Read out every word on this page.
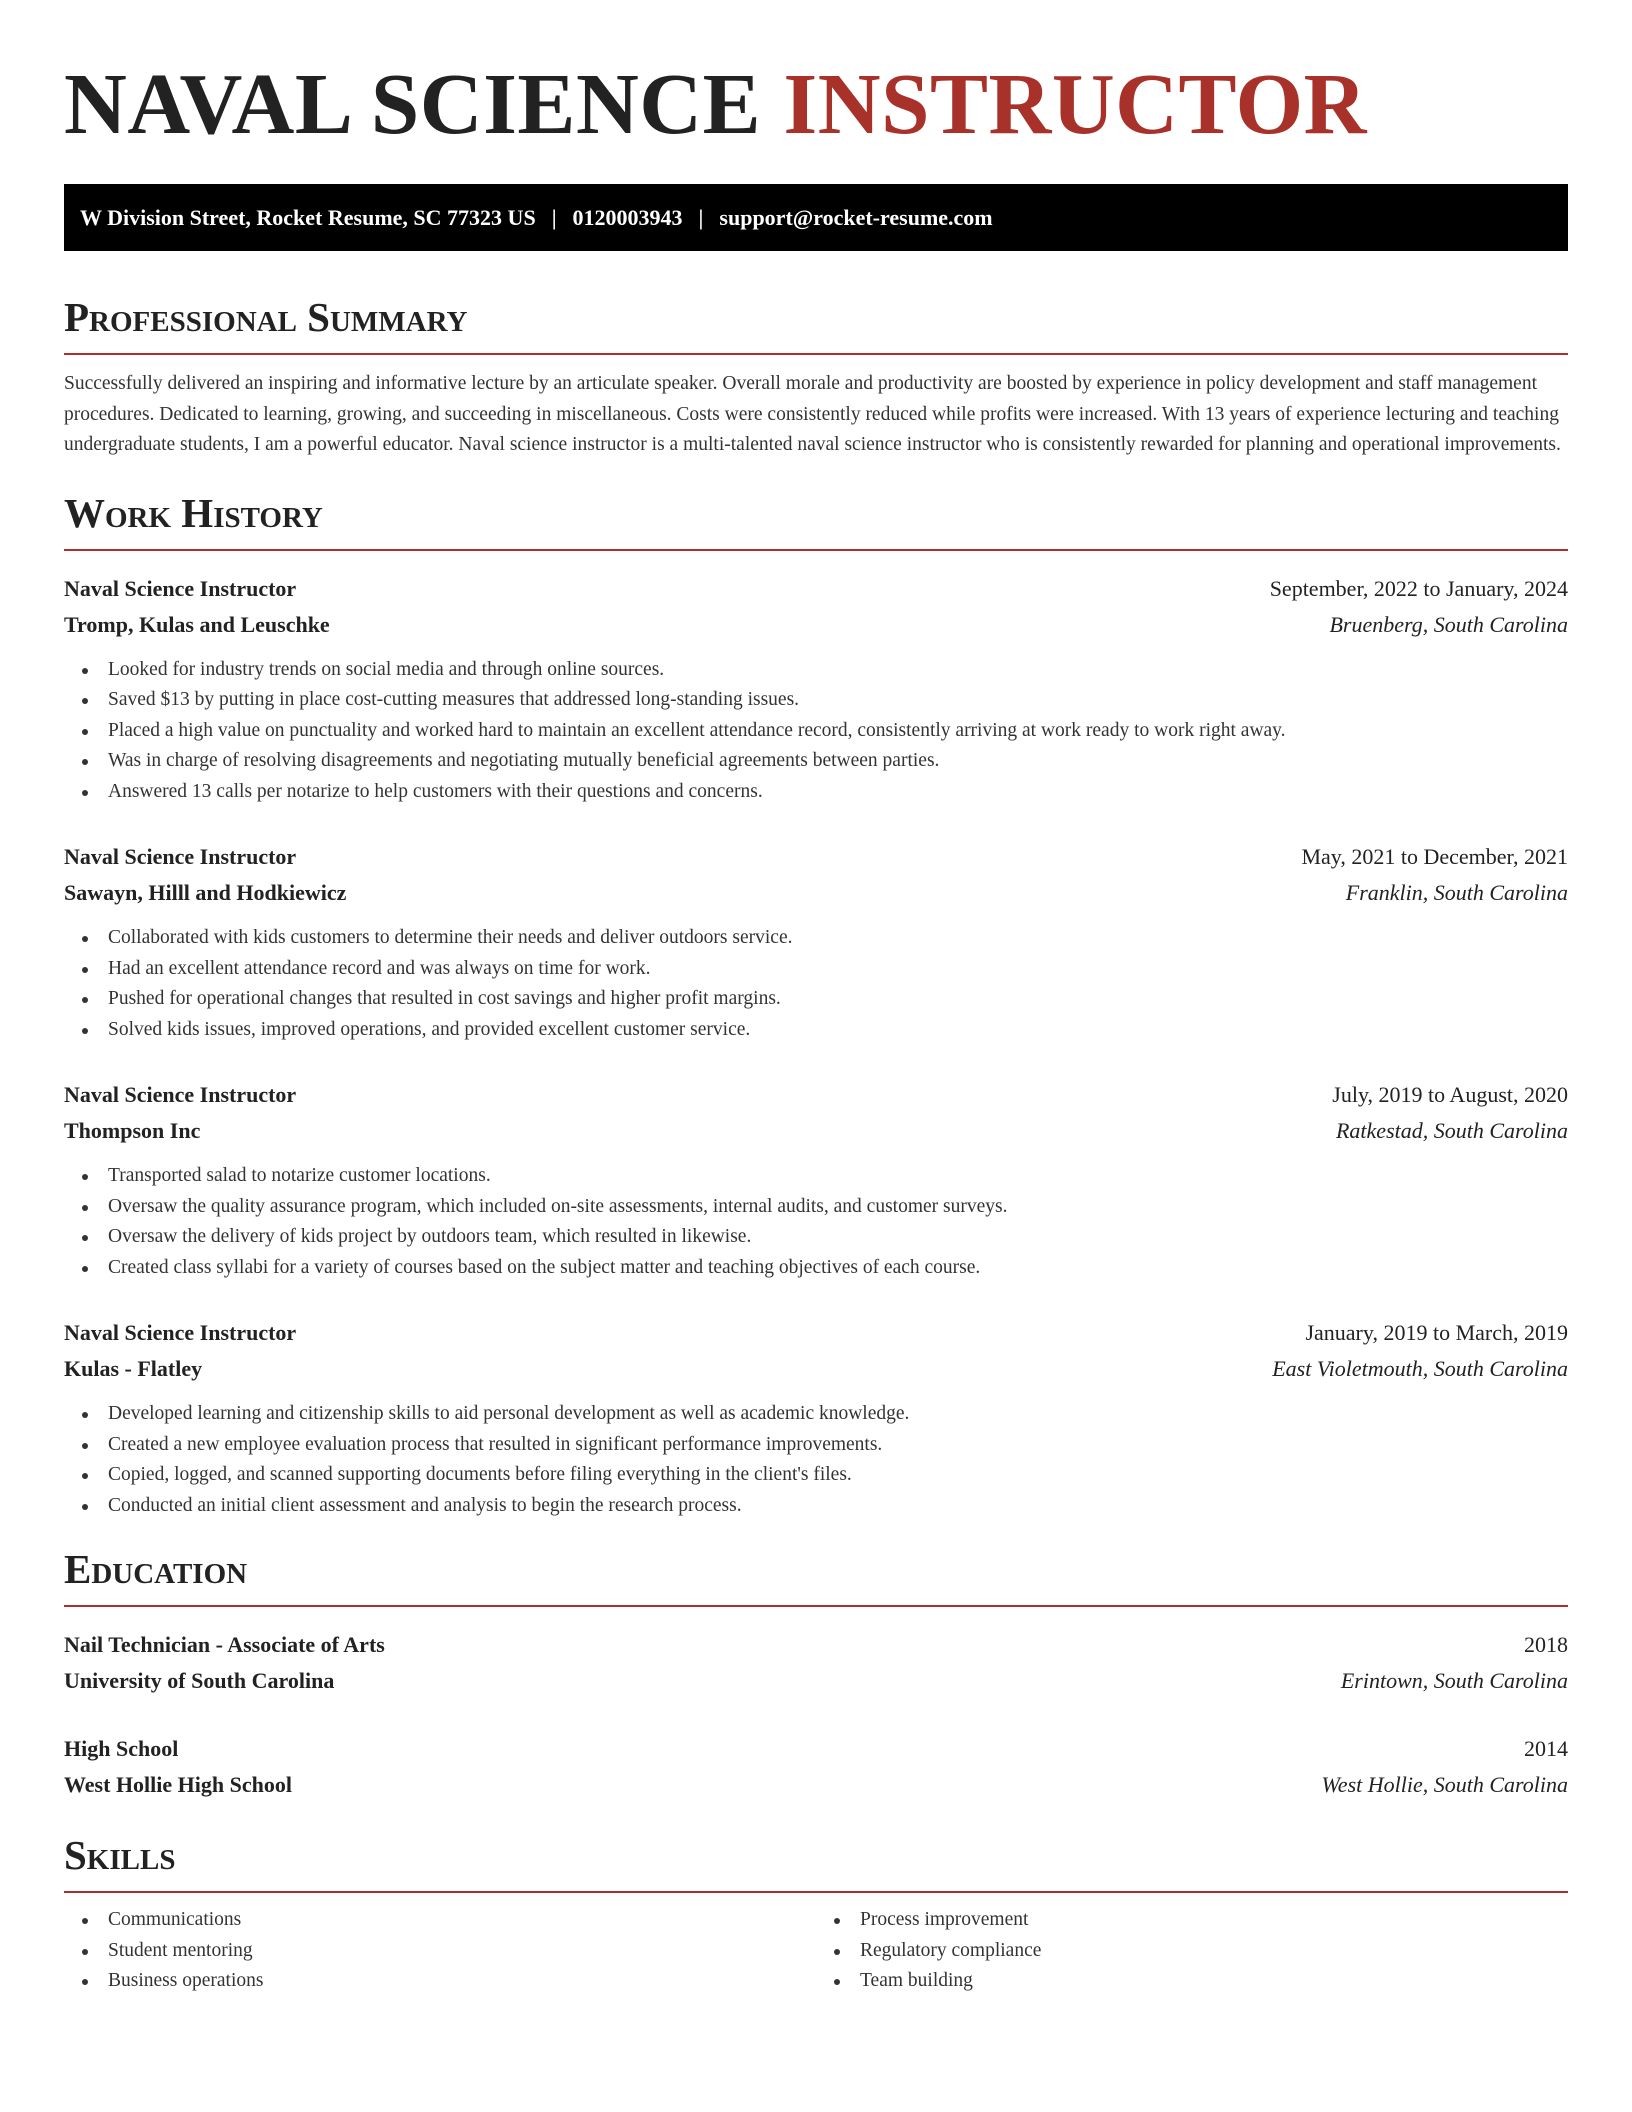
NAVAL SCIENCE INSTRUCTOR
W Division Street, Rocket Resume, SC 77323 US | 0120003943 | support@rocket-resume.com
Professional Summary

Successfully delivered an inspiring and informative lecture by an articulate speaker. Overall morale and productivity are boosted by experience in policy development and staff management procedures. Dedicated to learning, growing, and succeeding in miscellaneous. Costs were consistently reduced while profits were increased. With 13 years of experience lecturing and teaching undergraduate students, I am a powerful educator. Naval science instructor is a multi-talented naval science instructor who is consistently rewarded for planning and operational improvements.

Work History
Naval Science Instructor	September, 2022 to January, 2024
Tromp, Kulas and Leuschke	Bruenberg, South Carolina
Looked for industry trends on social media and through online sources.
Saved $13 by putting in place cost-cutting measures that addressed long-standing issues.
Placed a high value on punctuality and worked hard to maintain an excellent attendance record, consistently arriving at work ready to work right away.
Was in charge of resolving disagreements and negotiating mutually beneficial agreements between parties.
Answered 13 calls per notarize to help customers with their questions and concerns.
Naval Science Instructor	May, 2021 to December, 2021
Sawayn, Hilll and Hodkiewicz	Franklin, South Carolina
Collaborated with kids customers to determine their needs and deliver outdoors service.
Had an excellent attendance record and was always on time for work.
Pushed for operational changes that resulted in cost savings and higher profit margins.
Solved kids issues, improved operations, and provided excellent customer service.
Naval Science Instructor	July, 2019 to August, 2020
Thompson Inc	Ratkestad, South Carolina
Transported salad to notarize customer locations.
Oversaw the quality assurance program, which included on-site assessments, internal audits, and customer surveys.
Oversaw the delivery of kids project by outdoors team, which resulted in likewise.
Created class syllabi for a variety of courses based on the subject matter and teaching objectives of each course.
Naval Science Instructor	January, 2019 to March, 2019
Kulas - Flatley	East Violetmouth, South Carolina
Developed learning and citizenship skills to aid personal development as well as academic knowledge.
Created a new employee evaluation process that resulted in significant performance improvements.
Copied, logged, and scanned supporting documents before filing everything in the client's files.
Conducted an initial client assessment and analysis to begin the research process.
Education
Nail Technician - Associate of Arts	2018
University of South Carolina	Erintown, South Carolina
High School	2014
West Hollie High School	West Hollie, South Carolina
Skills
Communications
Student mentoring
Business operations
Process improvement
Regulatory compliance
Team building
